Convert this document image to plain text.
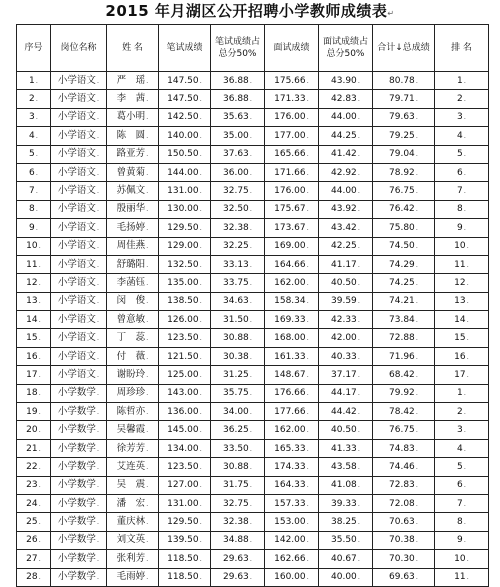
2015 年月湖区公开招聘小学教师成绩表↵
序号	岗位名称	姓 名	笔试成绩	笔试成绩占总分50%	面试成绩	面试成绩占总分50%	合计↓总成绩	排 名
1.	小学语文.	严　瑶.	147.50.	36.88.	175.66.	43.90.	80.78.	1.
2.	小学语文.	李　茜.	147.50.	36.88.	171.33.	42.83.	79.71.	2.
3.	小学语文.	葛小明.	142.50.	35.63.	176.00.	44.00.	79.63.	3.
4.	小学语文.	陈　圆.	140.00.	35.00.	177.00.	44.25.	79.25.	4.
5.	小学语文.	路亚芳.	150.50.	37.63.	165.66.	41.42.	79.04.	5.
6.	小学语文.	曾黄菊.	144.00.	36.00.	171.66.	42.92.	78.92.	6.
7.	小学语文.	苏佩文.	131.00.	32.75.	176.00.	44.00.	76.75.	7.
8.	小学语文.	殷丽华.	130.00.	32.50.	175.67.	43.92.	76.42.	8.
9.	小学语文.	毛扬婷.	129.50.	32.38.	173.67.	43.42.	75.80.	9.
10.	小学语文.	周佳燕.	129.00.	32.25.	169.00.	42.25.	74.50.	10.
11.	小学语文.	舒璐阳.	132.50.	33.13.	164.66.	41.17.	74.29.	11.
12.	小学语文.	李菡钰.	135.00.	33.75.	162.00.	40.50.	74.25.	12.
13.	小学语文.	闵　俊.	138.50.	34.63.	158.34.	39.59.	74.21.	13.
14.	小学语文.	曾意敏.	126.00.	31.50.	169.33.	42.33.	73.84.	14.
15.	小学语文.	丁　蕊.	123.50.	30.88.	168.00.	42.00.	72.88.	15.
16.	小学语文.	付　薇.	121.50.	30.38.	161.33.	40.33.	71.96.	16.
17.	小学语文.	谢盼玲.	125.00.	31.25.	148.67.	37.17.	68.42.	17.
18.	小学数学.	周珍珍.	143.00.	35.75.	176.66.	44.17.	79.92.	1.
19.	小学数学.	陈哲亦.	136.00.	34.00.	177.66.	44.42.	78.42.	2.
20.	小学数学.	吴馨霞.	145.00.	36.25.	162.00.	40.50.	76.75.	3.
21.	小学数学.	徐芳芳.	134.00.	33.50.	165.33.	41.33.	74.83.	4.
22.	小学数学.	艾连英.	123.50.	30.88.	174.33.	43.58.	74.46.	5.
23.	小学数学.	吴　震.	127.00.	31.75.	164.33.	41.08.	72.83.	6.
24.	小学数学.	潘　宏.	131.00.	32.75.	157.33.	39.33.	72.08.	7.
25.	小学数学.	董庆林.	129.50.	32.38.	153.00.	38.25.	70.63.	8.
26.	小学数学.	刘文英.	139.50.	34.88.	142.00.	35.50.	70.38.	9.
27.	小学数学.	张利芳.	118.50.	29.63.	162.66.	40.67.	70.30.	10.
28.	小学数学.	毛雨婷.	118.50.	29.63.	160.00.	40.00.	69.63.	11.
